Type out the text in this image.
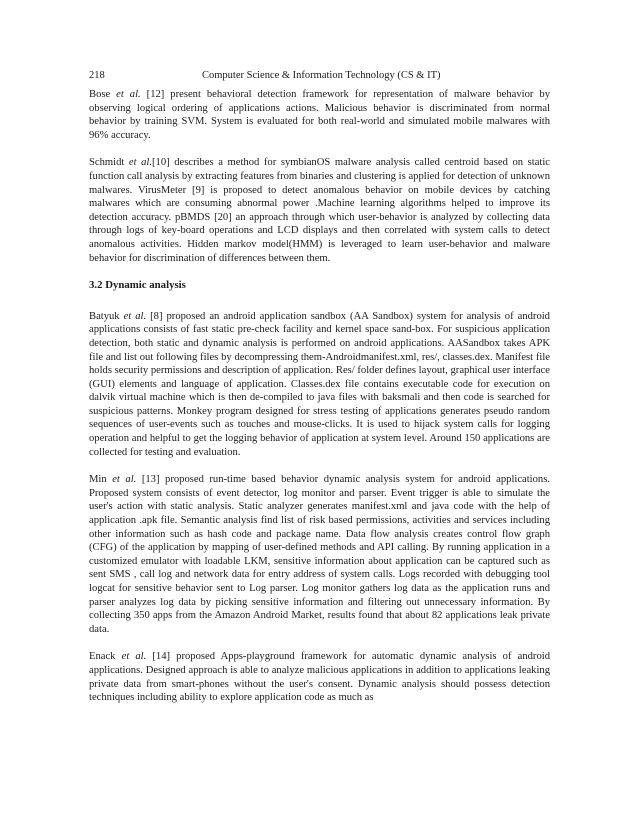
218	Computer Science & Information Technology (CS & IT)

Bose et al. [12] present behavioral detection framework for representation of malware behavior by observing logical ordering of applications actions. Malicious behavior is discriminated from normal behavior by training SVM. System is evaluated for both real-world and simulated mobile malwares with 96% accuracy.

Schmidt et al.[10] describes a method for symbianOS malware analysis called centroid based on static function call analysis by extracting features from binaries and clustering is applied for detection of unknown malwares. VirusMeter [9] is proposed to detect anomalous behavior on mobile devices by catching malwares which are consuming abnormal power .Machine learning algorithms helped to improve its detection accuracy. pBMDS [20] an approach through which user-behavior is analyzed by collecting data through logs of key-board operations and LCD displays and then correlated with system calls to detect anomalous activities. Hidden markov model(HMM) is leveraged to learn user-behavior and malware behavior for discrimination of differences between them.

3.2 Dynamic analysis

Batyuk et al. [8] proposed an android application sandbox (AA Sandbox) system for analysis of android applications consists of fast static pre-check facility and kernel space sand-box. For suspicious application detection, both static and dynamic analysis is performed on android applications. AASandbox takes APK file and list out following files by decompressing them-Androidmanifest.xml, res/, classes.dex. Manifest file holds security permissions and description of application. Res/ folder defines layout, graphical user interface (GUI) elements and language of application. Classes.dex file contains executable code for execution on dalvik virtual machine which is then de-compiled to java files with baksmali and then code is searched for suspicious patterns. Monkey program designed for stress testing of applications generates pseudo random sequences of user-events such as touches and mouse-clicks. It is used to hijack system calls for logging operation and helpful to get the logging behavior of application at system level. Around 150 applications are collected for testing and evaluation.

Min et al. [13] proposed run-time based behavior dynamic analysis system for android applications. Proposed system consists of event detector, log monitor and parser. Event trigger is able to simulate the user's action with static analysis. Static analyzer generates manifest.xml and java code with the help of application .apk file. Semantic analysis find list of risk based permissions, activities and services including other information such as hash code and package name. Data flow analysis creates control flow graph (CFG) of the application by mapping of user-defined methods and API calling. By running application in a customized emulator with loadable LKM, sensitive information about application can be captured such as sent SMS , call log and network data for entry address of system calls. Logs recorded with debugging tool logcat for sensitive behavior sent to Log parser. Log monitor gathers log data as the application runs and parser analyzes log data by picking sensitive information and filtering out unnecessary information. By collecting 350 apps from the Amazon Android Market, results found that about 82 applications leak private data.

Enack et al. [14] proposed Apps-playground framework for automatic dynamic analysis of android applications. Designed approach is able to analyze malicious applications in addition to applications leaking private data from smart-phones without the user's consent. Dynamic analysis should possess detection techniques including ability to explore application code as much as
